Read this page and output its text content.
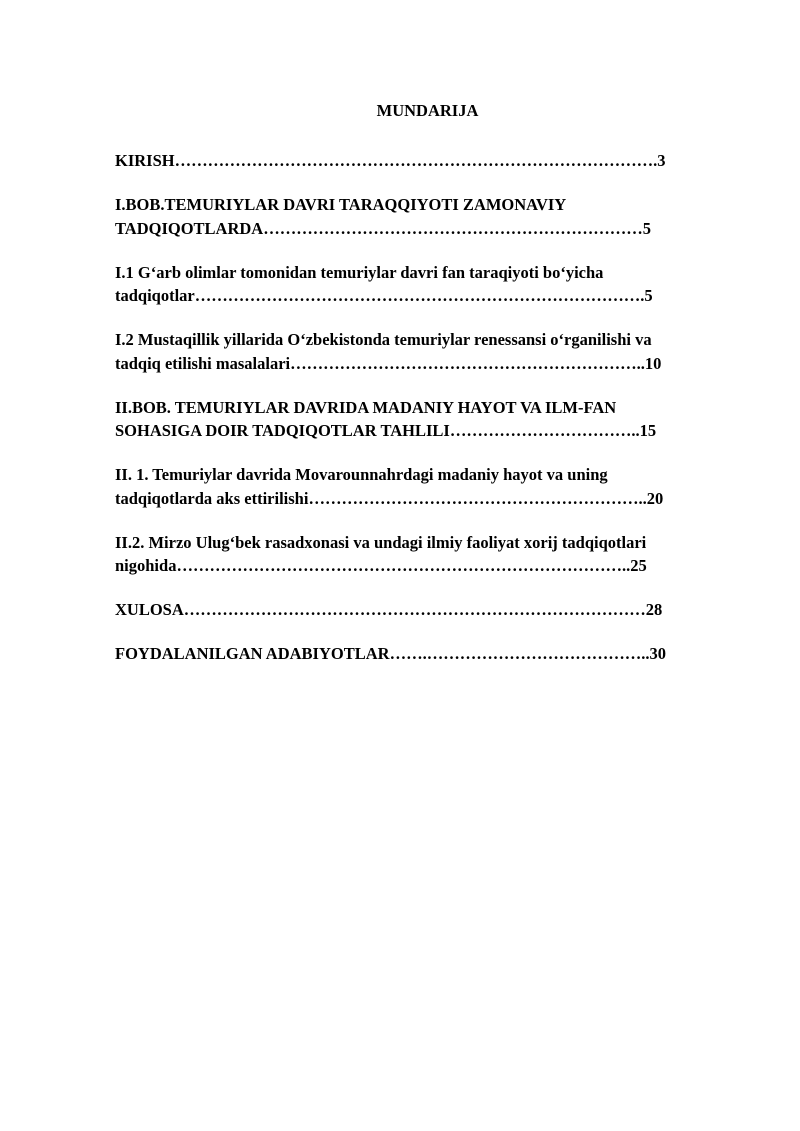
MUNDARIJA
KIRISH…………………………………………………………………………….3
I.BOB.TEMURIYLAR DAVRI TARAQQIYOTI ZAMONAVIY
TADQIQOTLARDA……………………………………………………………5
I.1 G‘arb olimlar tomonidan temuriylar davri fan taraqiyoti bo‘yicha
tadqiqotlar……………………………………………………………………….5
I.2 Mustaqillik yillarida O‘zbekistonda temuriylar renessansi o‘rganilishi va
tadqiq etilishi masalalari………………………………………………………..10
II.BOB. TEMURIYLAR DAVRIDA MADANIY HAYOT VA ILM-FAN
SOHASIGA DOIR TADQIQOTLAR TAHLILI……………………………..15
II. 1. Temuriylar davrida Movarounnahrdagi madaniy hayot va uning
tadqiqotlarda aks ettirilishi……………………………………………………..20
II.2. Mirzo Ulug‘bek rasadxonasi va undagi ilmiy faoliyat xorij tadqiqotlari
nigohida………………………………………………………………………..25
XULOSA…………………………………………………………………………28
FOYDALANILGAN ADABIYOTLAR…….…………………………………..30
